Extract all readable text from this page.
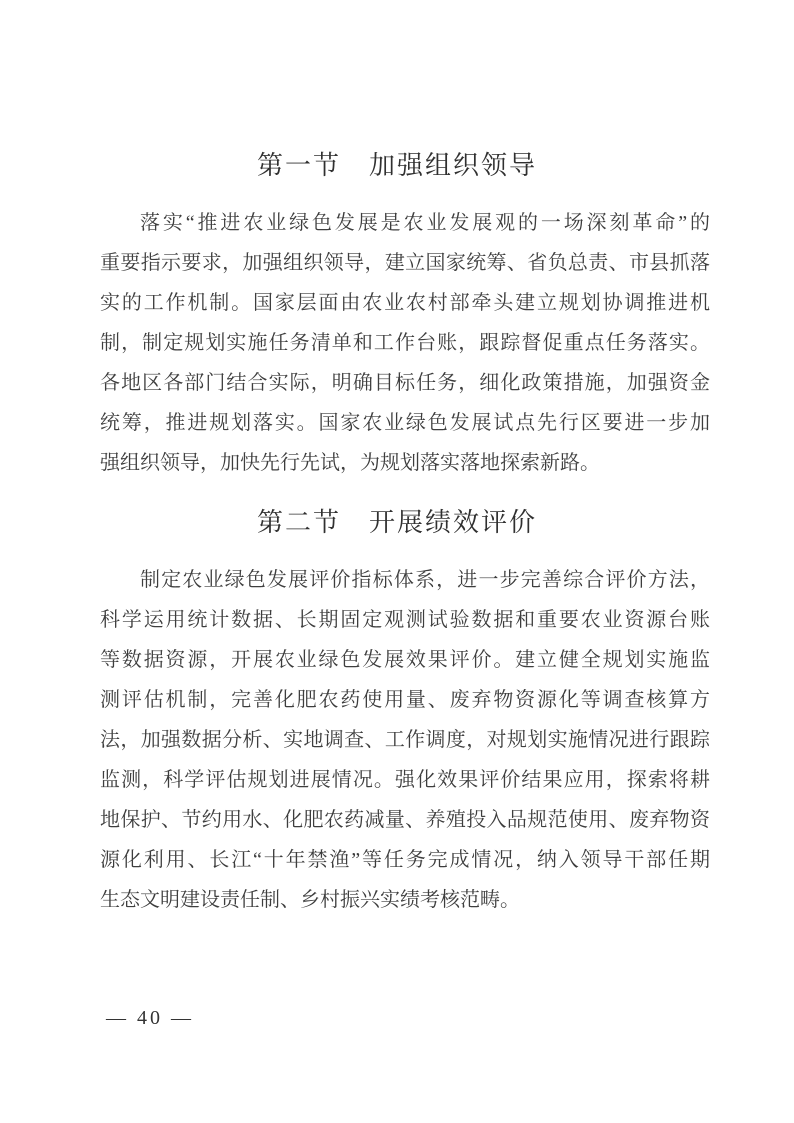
第一节　加强组织领导
落实“推进农业绿色发展是农业发展观的一场深刻革命”的
重要指示要求，加强组织领导，建立国家统筹、省负总责、市县抓落
实的工作机制。国家层面由农业农村部牵头建立规划协调推进机
制，制定规划实施任务清单和工作台账，跟踪督促重点任务落实。
各地区各部门结合实际，明确目标任务，细化政策措施，加强资金
统筹，推进规划落实。国家农业绿色发展试点先行区要进一步加
强组织领导，加快先行先试，为规划落实落地探索新路。
第二节　开展绩效评价
制定农业绿色发展评价指标体系，进一步完善综合评价方法，
科学运用统计数据、长期固定观测试验数据和重要农业资源台账
等数据资源，开展农业绿色发展效果评价。建立健全规划实施监
测评估机制，完善化肥农药使用量、废弃物资源化等调查核算方
法，加强数据分析、实地调查、工作调度，对规划实施情况进行跟踪
监测，科学评估规划进展情况。强化效果评价结果应用，探索将耕
地保护、节约用水、化肥农药减量、养殖投入品规范使用、废弃物资
源化利用、长江“十年禁渔”等任务完成情况，纳入领导干部任期
生态文明建设责任制、乡村振兴实绩考核范畴。
— 40 —
